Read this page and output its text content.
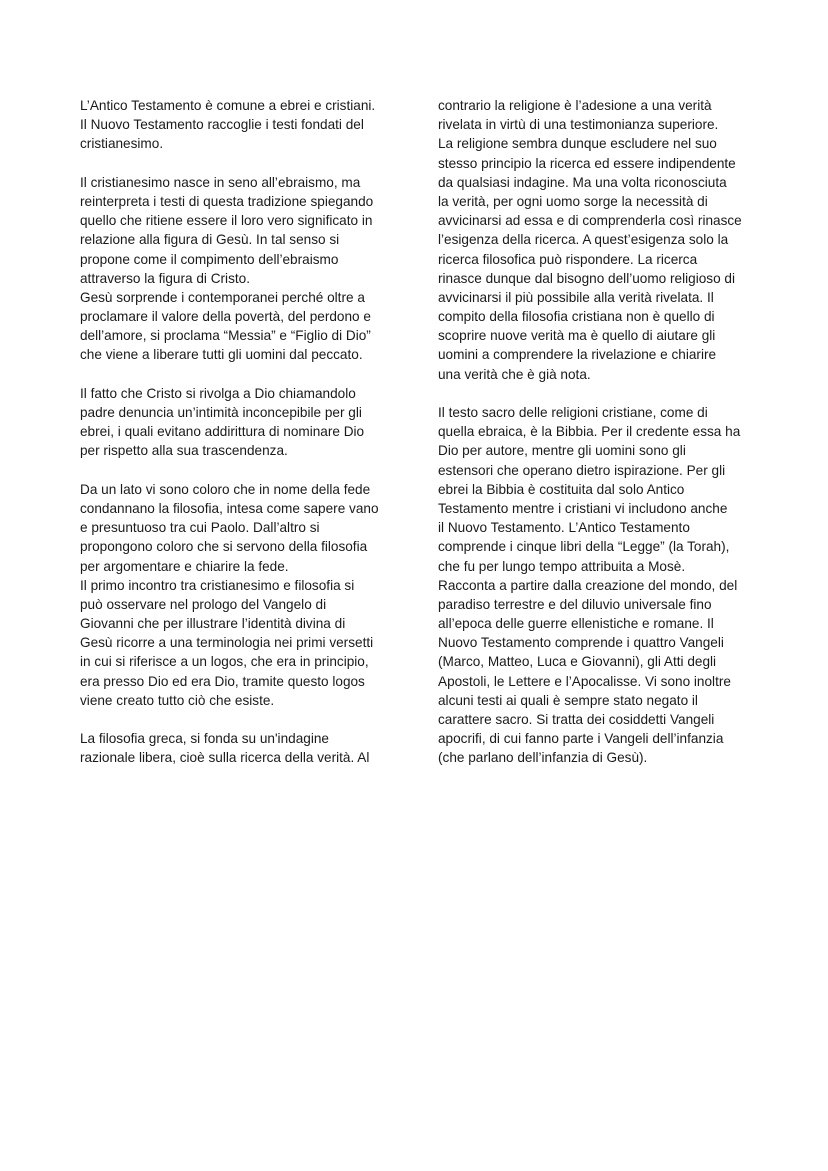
L’Antico Testamento è comune a ebrei e cristiani.
Il Nuovo Testamento raccoglie i testi fondati del
cristianesimo.
Il cristianesimo nasce in seno all’ebraismo, ma
reinterpreta i testi di questa tradizione spiegando
quello che ritiene essere il loro vero significato in
relazione alla figura di Gesù. In tal senso si
propone come il compimento dell’ebraismo
attraverso la figura di Cristo.
Gesù sorprende i contemporanei perché oltre a
proclamare il valore della povertà, del perdono e
dell’amore, si proclama “Messia” e “Figlio di Dio”
che viene a liberare tutti gli uomini dal peccato.
Il fatto che Cristo si rivolga a Dio chiamandolo
padre denuncia un’intimità inconcepibile per gli
ebrei, i quali evitano addirittura di nominare Dio
per rispetto alla sua trascendenza.
Da un lato vi sono coloro che in nome della fede
condannano la filosofia, intesa come sapere vano
e presuntuoso tra cui Paolo. Dall’altro si
propongono coloro che si servono della filosofia
per argomentare e chiarire la fede.
Il primo incontro tra cristianesimo e filosofia si
può osservare nel prologo del Vangelo di
Giovanni che per illustrare l’identità divina di
Gesù ricorre a una terminologia nei primi versetti
in cui si riferisce a un logos, che era in principio,
era presso Dio ed era Dio, tramite questo logos
viene creato tutto ciò che esiste.
La filosofia greca, si fonda su un'indagine
razionale libera, cioè sulla ricerca della verità. Al
contrario la religione è l’adesione a una verità
rivelata in virtù di una testimonianza superiore.
La religione sembra dunque escludere nel suo
stesso principio la ricerca ed essere indipendente
da qualsiasi indagine. Ma una volta riconosciuta
la verità, per ogni uomo sorge la necessità di
avvicinarsi ad essa e di comprenderla così rinasce
l’esigenza della ricerca. A quest’esigenza solo la
ricerca filosofica può rispondere. La ricerca
rinasce dunque dal bisogno dell’uomo religioso di
avvicinarsi il più possibile alla verità rivelata. Il
compito della filosofia cristiana non è quello di
scoprire nuove verità ma è quello di aiutare gli
uomini a comprendere la rivelazione e chiarire
una verità che è già nota.
Il testo sacro delle religioni cristiane, come di
quella ebraica, è la Bibbia. Per il credente essa ha
Dio per autore, mentre gli uomini sono gli
estensori che operano dietro ispirazione. Per gli
ebrei la Bibbia è costituita dal solo Antico
Testamento mentre i cristiani vi includono anche
il Nuovo Testamento. L’Antico Testamento
comprende i cinque libri della “Legge” (la Torah),
che fu per lungo tempo attribuita a Mosè.
Racconta a partire dalla creazione del mondo, del
paradiso terrestre e del diluvio universale fino
all’epoca delle guerre ellenistiche e romane. Il
Nuovo Testamento comprende i quattro Vangeli
(Marco, Matteo, Luca e Giovanni), gli Atti degli
Apostoli, le Lettere e l’Apocalisse. Vi sono inoltre
alcuni testi ai quali è sempre stato negato il
carattere sacro. Si tratta dei cosiddetti Vangeli
apocrifi, di cui fanno parte i Vangeli dell’infanzia
(che parlano dell’infanzia di Gesù).
